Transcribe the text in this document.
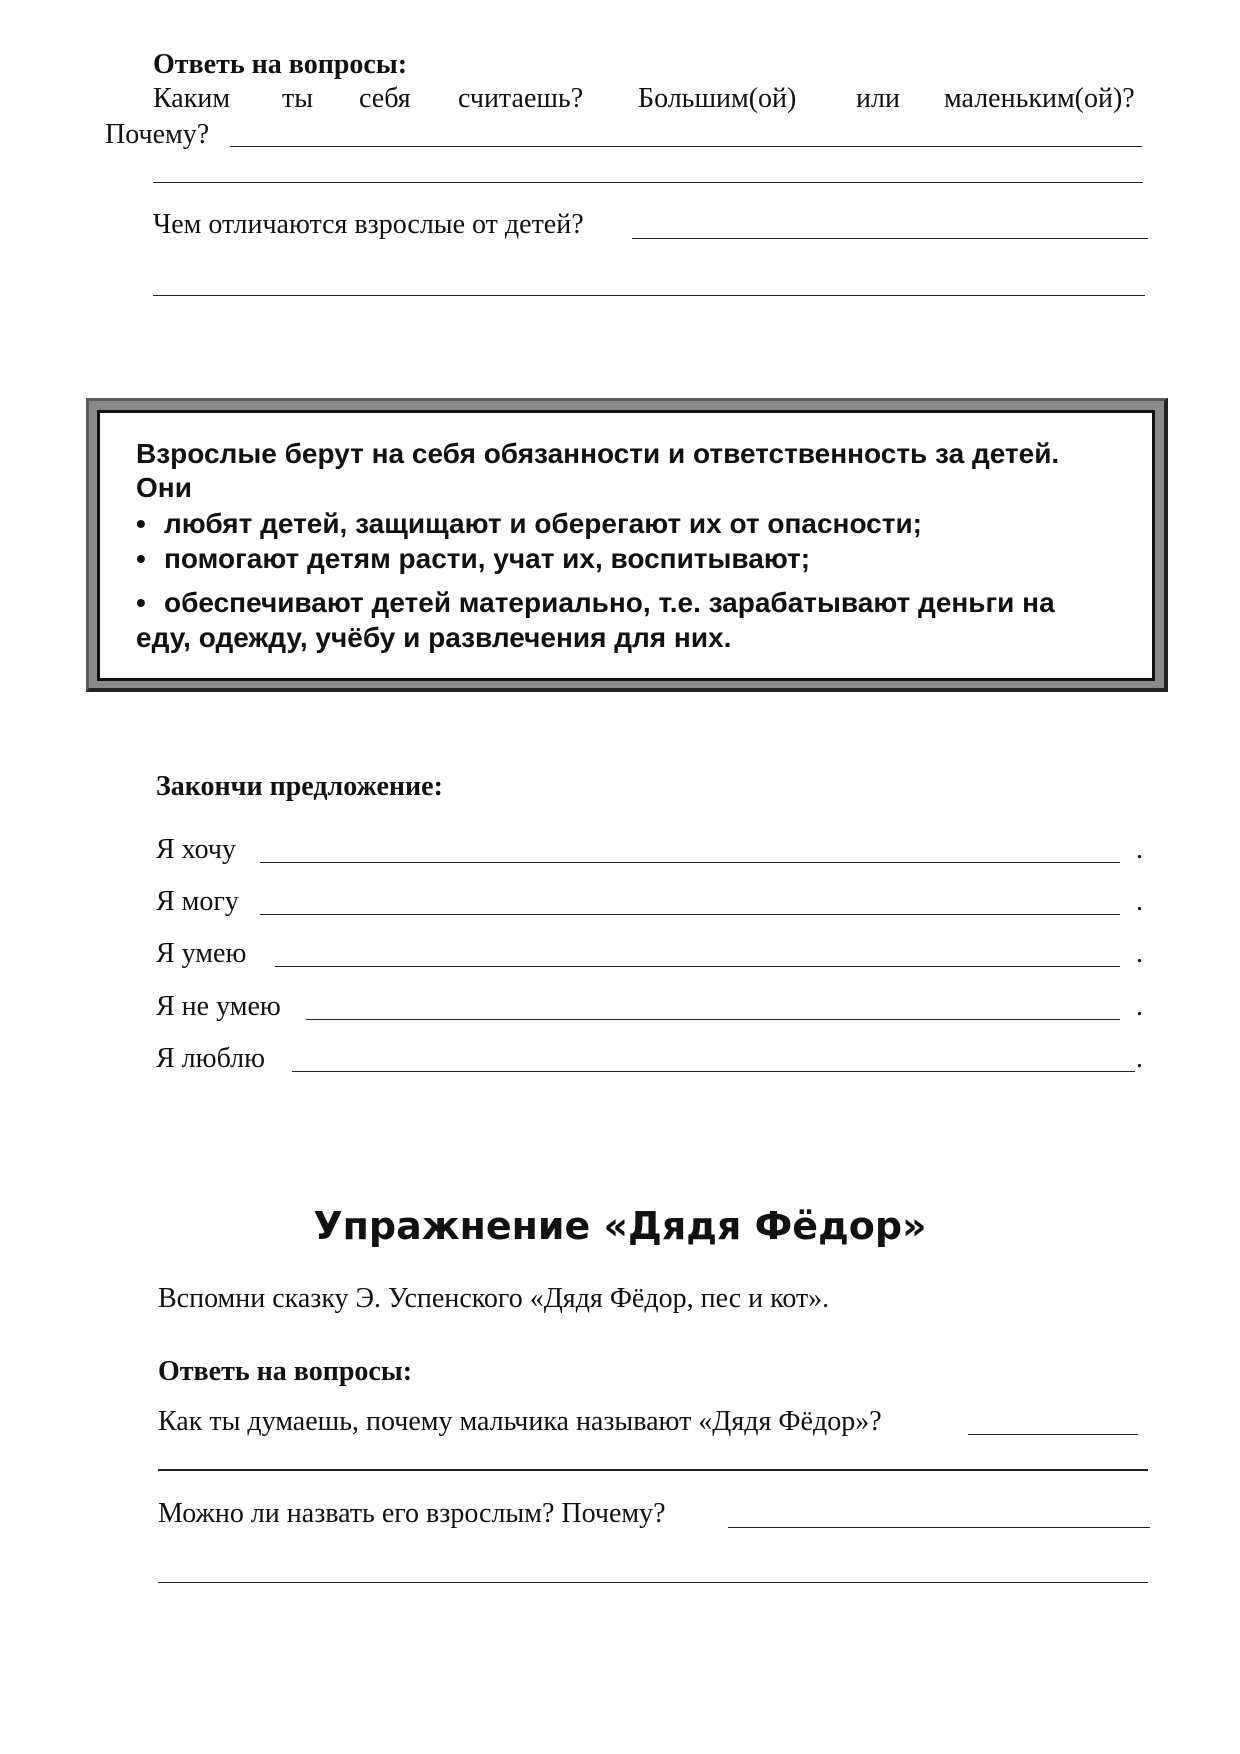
Ответь на вопросы:
Каким ты себя считаешь? Большим(ой) или маленьким(ой)?
Почему?
Чем отличаются взрослые от детей?
Взрослые берут на себя обязанности и ответственность за детей.
Они
• любят детей, защищают и оберегают их от опасности;
• помогают детям расти, учат их, воспитывают;
• обеспечивают детей материально, т.е. зарабатывают деньги на
еду, одежду, учёбу и развлечения для них.
Закончи предложение:
Я хочу	.
Я могу	.
Я умею	.
Я не умею	.
Я люблю	.
Упражнение «Дядя Фёдор»
Вспомни сказку Э. Успенского «Дядя Фёдор, пес и кот».
Ответь на вопросы:
Как ты думаешь, почему мальчика называют «Дядя Фёдор»?
Можно ли назвать его взрослым? Почему?
